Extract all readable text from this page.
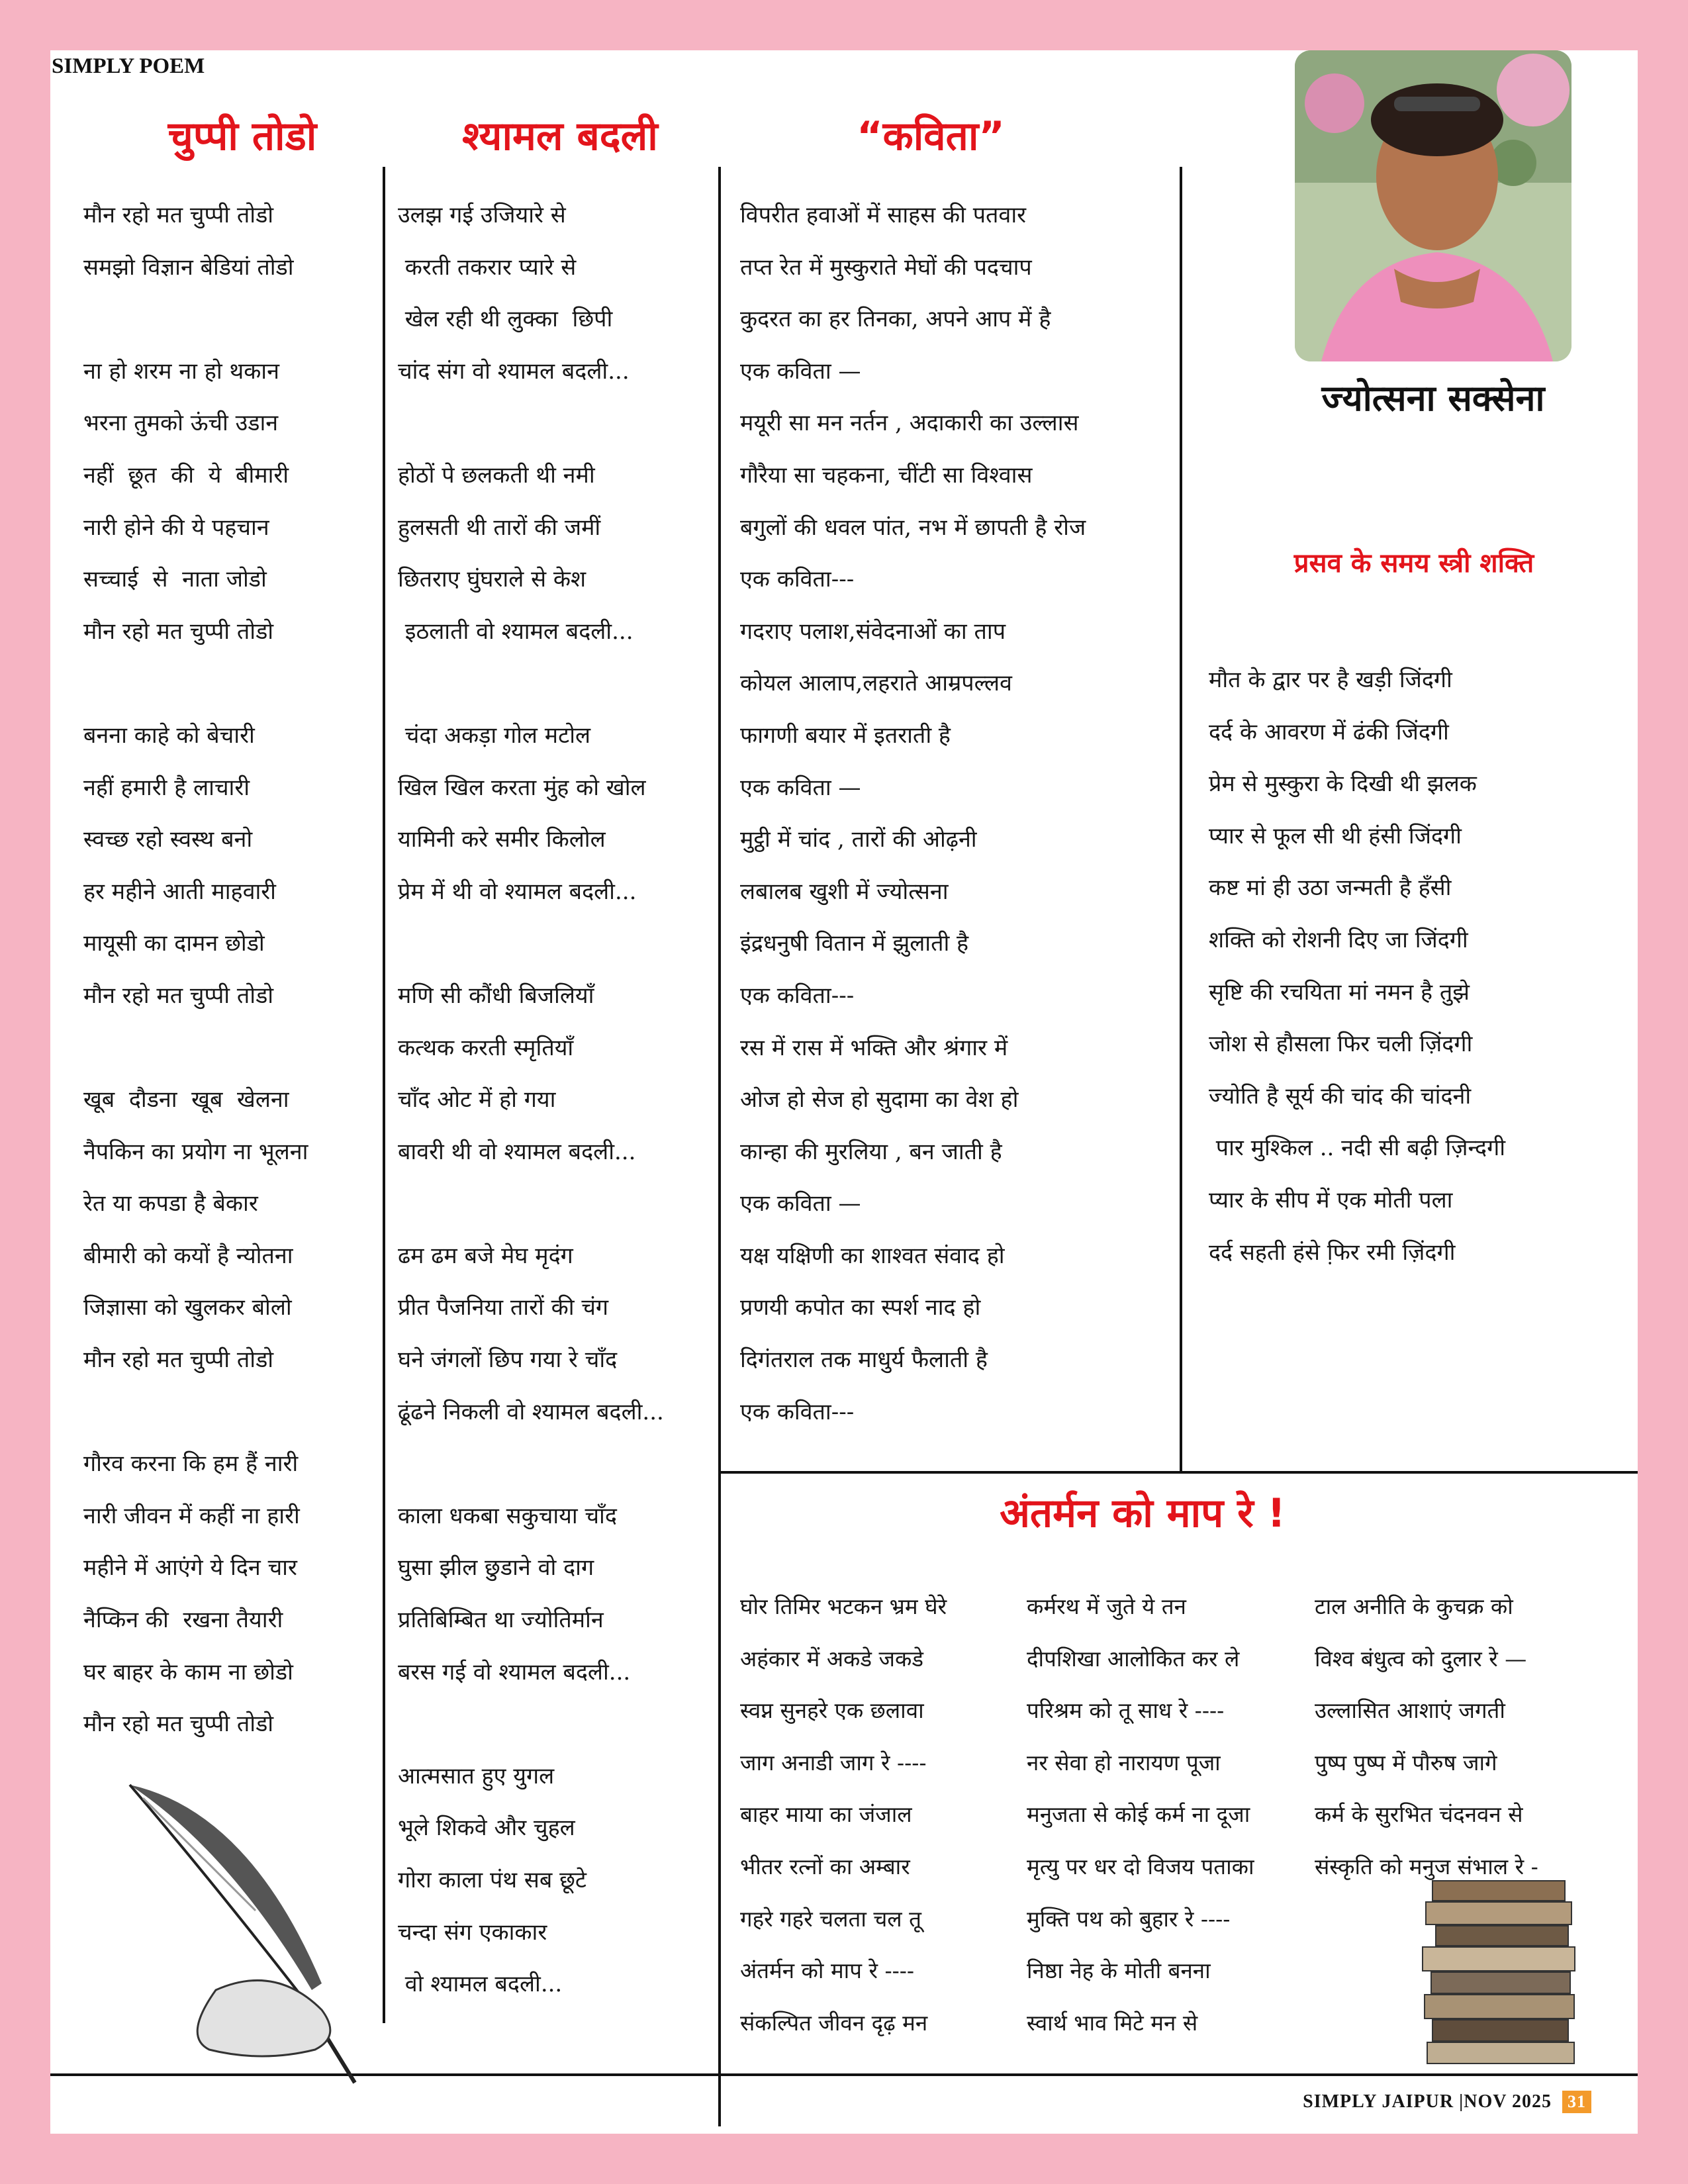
SIMPLY POEM
चुप्पी तोडो	श्यामल बदली	“कविता”
मौन रहो मत चुप्पी तोडो
समझो विज्ञान बेडियां तोडो
ना हो शरम ना हो थकान
भरना तुमको ऊंची उडान
नहीं  छूत  की  ये  बीमारी
नारी होने की ये पहचान
सच्चाई  से  नाता जोडो
मौन रहो मत चुप्पी तोडो
बनना काहे को बेचारी
नहीं हमारी है लाचारी
स्वच्छ रहो स्वस्थ बनो
हर महीने आती माहवारी
मायूसी का दामन छोडो
मौन रहो मत चुप्पी तोडो
खूब  दौडना  खूब  खेलना
नैपकिन का प्रयोग ना भूलना
रेत या कपडा है बेकार
बीमारी को कयों है न्योतना
जिज्ञासा को खुलकर बोलो
मौन रहो मत चुप्पी तोडो
गौरव करना कि हम हैं नारी
नारी जीवन में कहीं ना हारी
महीने में आएंगे ये दिन चार
नैप्किन की  रखना तैयारी
घर बाहर के काम ना छोडो
मौन रहो मत चुप्पी तोडो
उलझ गई उजियारे से
करती तकरार प्यारे से
खेल रही थी लुक्का  छिपी
चांद संग वो श्यामल बदली...
होठों पे छलकती थी नमी
हुलसती थी तारों की जमीं
छितराए घुंघराले से केश
इठलाती वो श्यामल बदली...
चंदा अकड़ा गोल मटोल
खिल खिल करता मुंह को खोल
यामिनी करे समीर किलोल
प्रेम में थी वो श्यामल बदली...
मणि सी कौंधी बिजलियाँ
कत्थक करती स्मृतियाँ
चाँद ओट में हो गया
बावरी थी वो श्यामल बदली...
ढम ढम बजे मेघ मृदंग
प्रीत पैजनिया तारों की चंग
घने जंगलों छिप गया रे चाँद
ढूंढने निकली वो श्यामल बदली...
काला धकबा सकुचाया चाँद
घुसा झील छुडाने वो दाग
प्रतिबिम्बित था ज्योतिर्मान
बरस गई वो श्यामल बदली...
आत्मसात हुए युगल
भूले शिकवे और चुहल
गोरा काला पंथ सब छूटे
चन्दा संग एकाकार
वो श्यामल बदली...
विपरीत हवाओं में साहस की पतवार
तप्त रेत में मुस्कुराते मेघों की पदचाप
कुदरत का हर तिनका, अपने आप में है
एक कविता —
मयूरी सा मन नर्तन , अदाकारी का उल्लास
गौरैया सा चहकना, चींटी सा विश्वास
बगुलों की धवल पांत, नभ में छापती है रोज
एक कविता---
गदराए पलाश,संवेदनाओं का ताप
कोयल आलाप,लहराते आम्रपल्लव
फागणी बयार में इतराती है
एक कविता —
मुट्ठी में चांद , तारों की ओढ़नी
लबालब खुशी में ज्योत्सना
इंद्रधनुषी वितान में झुलाती है
एक कविता---
रस में रास में भक्ति और श्रंगार में
ओज हो सेज हो सुदामा का वेश हो
कान्हा की मुरलिया , बन जाती है
एक कविता —
यक्ष यक्षिणी का शाश्वत संवाद हो
प्रणयी कपोत का स्पर्श नाद हो
दिगंतराल तक माधुर्य फैलाती है
एक कविता---
ज्योत्सना सक्सेना
प्रसव के समय स्त्री शक्ति
मौत के द्वार पर है खड़ी जिंदगी
दर्द के आवरण में ढंकी जिंदगी
प्रेम से मुस्कुरा के दिखी थी झलक
प्यार से फूल सी थी हंसी जिंदगी
कष्ट मां ही उठा जन्मती है हँसी
शक्ति को रोशनी दिए जा जिंदगी
सृष्टि की रचयिता मां नमन है तुझे
जोश से हौसला फिर चली ज़िंदगी
ज्योति है सूर्य की चांद की चांदनी
पार मुश्किल .. नदी सी बढ़ी ज़िन्दगी
प्यार के सीप में एक मोती पला
दर्द सहती हंसे फि़र रमी ज़िंदगी
अंतर्मन को माप रे !
घोर तिमिर भटकन भ्रम घेरे
अहंकार में अकडे जकडे
स्वप्न सुनहरे एक छलावा
जाग अनाडी जाग रे ----
बाहर माया का जंजाल
भीतर रत्नों का अम्बार
गहरे गहरे चलता चल तू
अंतर्मन को माप रे ----
संकल्पित जीवन दृढ़ मन
कर्मरथ में जुते ये तन
दीपशिखा आलोकित कर ले
परिश्रम को तू साध रे ----
नर सेवा हो नारायण पूजा
मनुजता से कोई कर्म ना दूजा
मृत्यु पर धर दो विजय पताका
मुक्ति पथ को बुहार रे ----
निष्ठा नेह के मोती बनना
स्वार्थ भाव मिटे मन से
टाल अनीति के कुचक्र को
विश्व बंधुत्व को दुलार रे —
उल्लासित आशाएं जगती
पुष्प पुष्प में पौरुष जागे
कर्म के सुरभित चंदनवन से
संस्कृति को मनुज संभाल रे -
SIMPLY JAIPUR |NOV 2025 31
